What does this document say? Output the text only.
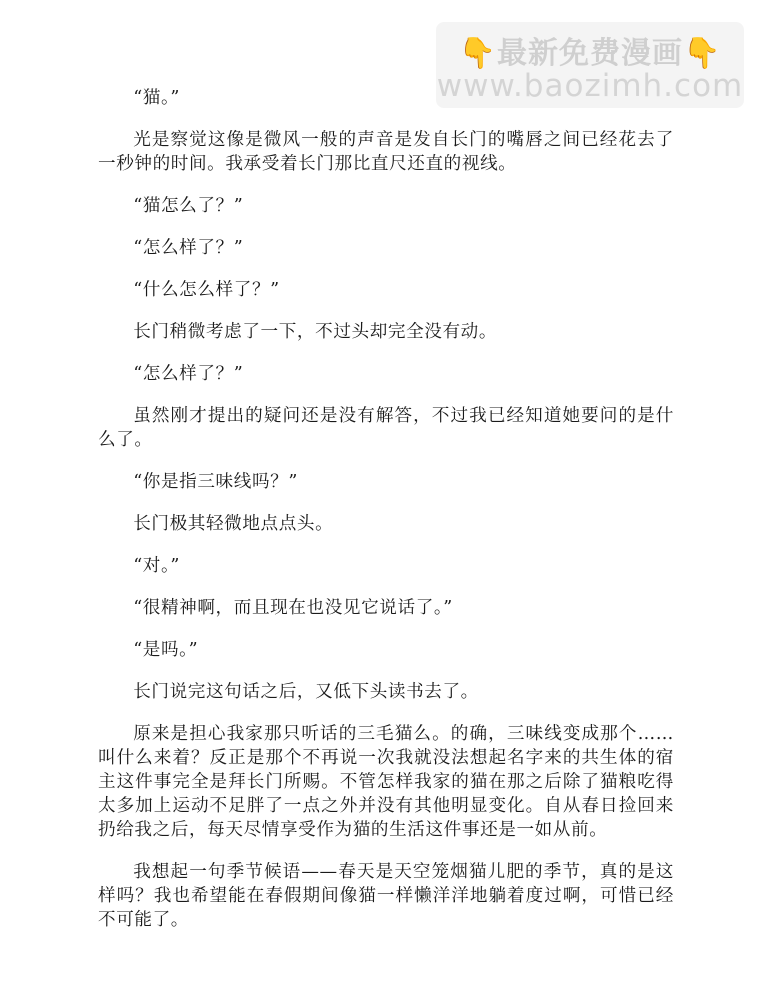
👇最新免费漫画👇
www.baozimh.com

“猫。”

光是察觉这像是微风一般的声音是发自长门的嘴唇之间已经花去了一秒钟的时间。我承受着长门那比直尺还直的视线。

“猫怎么了？”

“怎么样了？”

“什么怎么样了？”

长门稍微考虑了一下，不过头却完全没有动。

“怎么样了？”

虽然刚才提出的疑问还是没有解答，不过我已经知道她要问的是什么了。

“你是指三味线吗？”

长门极其轻微地点点头。

“对。”

“很精神啊，而且现在也没见它说话了。”

“是吗。”

长门说完这句话之后，又低下头读书去了。

原来是担心我家那只听话的三毛猫么。的确，三味线变成那个……叫什么来着？反正是那个不再说一次我就没法想起名字来的共生体的宿主这件事完全是拜长门所赐。不管怎样我家的猫在那之后除了猫粮吃得太多加上运动不足胖了一点之外并没有其他明显变化。自从春日捡回来扔给我之后，每天尽情享受作为猫的生活这件事还是一如从前。

我想起一句季节候语——春天是天空笼烟猫儿肥的季节，真的是这样吗？我也希望能在春假期间像猫一样懒洋洋地躺着度过啊，可惜已经不可能了。
